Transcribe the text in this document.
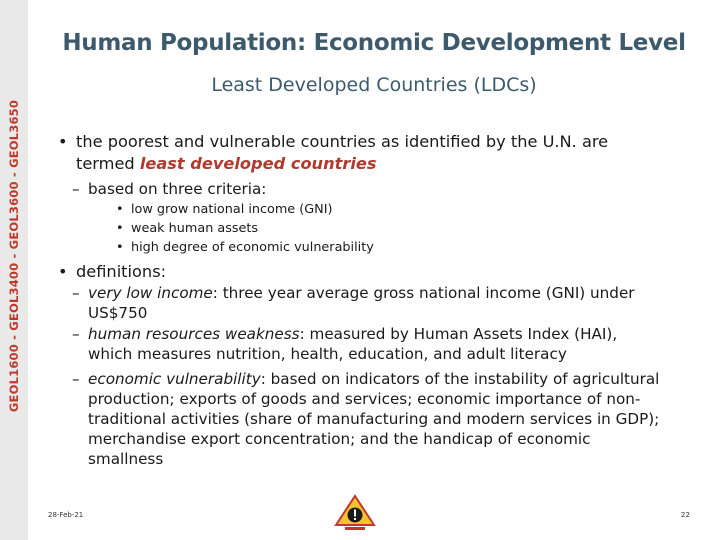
GEOL1600 - GEOL3400 - GEOL3600 - GEOL3650
Human Population: Economic Development Level
Least Developed Countries (LDCs)
• the poorest and vulnerable countries as identified by the U.N. are
termed least developed countries
– based on three criteria:
• low grow national income (GNI)
• weak human assets
• high degree of economic vulnerability
• definitions:
– very low income: three year average gross national income (GNI) under
US$750
– human resources weakness: measured by Human Assets Index (HAI),
which measures nutrition, health, education, and adult literacy
– economic vulnerability: based on indicators of the instability of agricultural
production; exports of goods and services; economic importance of non-
traditional activities (share of manufacturing and modern services in GDP);
merchandise export concentration; and the handicap of economic
smallness
28-Feb-21	22
